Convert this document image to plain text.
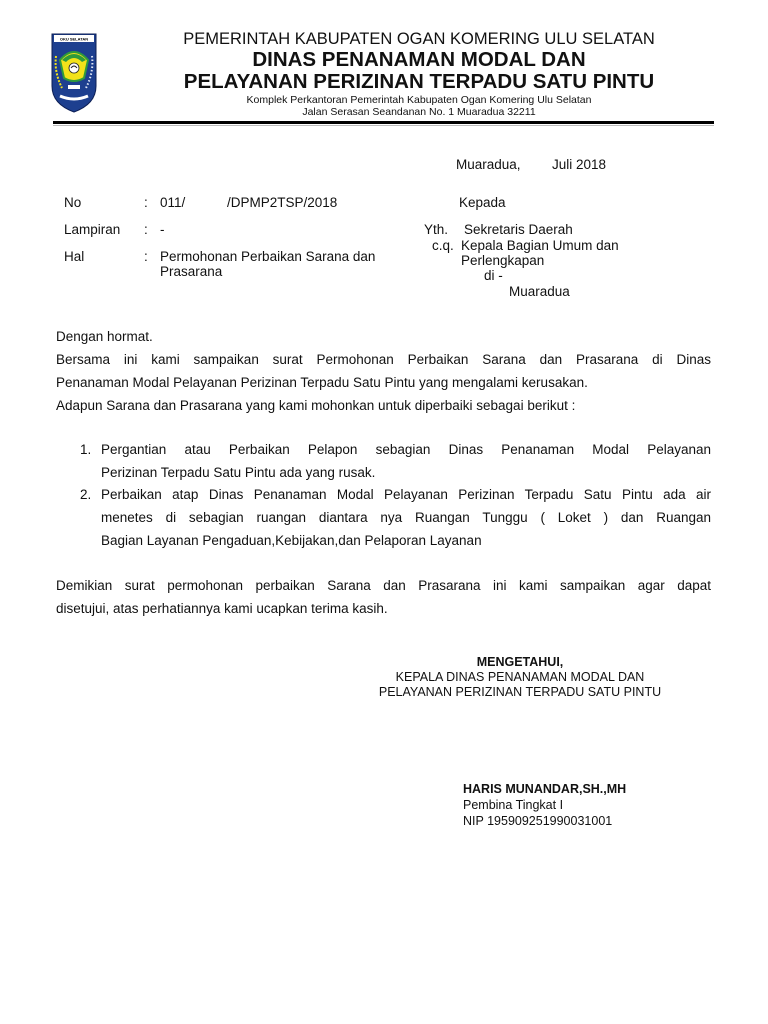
OKU SELATAN	PEMERINTAH KABUPATEN OGAN KOMERING ULU SELATAN
DINAS PENANAMAN MODAL DAN
PELAYANAN PERIZINAN TERPADU SATU PINTU
Komplek Perkantoran Pemerintah Kabupaten Ogan Komering Ulu Selatan
Jalan Serasan Seandanan No. 1 Muaradua 32211
Muaradua, Juli 2018
No	: 011/	/DPMP2TSP/2018
Lampiran : -
Hal	: Permohonan Perbaikan Sarana dan
Prasarana
Kepada
Yth. Sekretaris Daerah
c.q. Kepala Bagian Umum dan
Perlengkapan
di -
Muaradua
Dengan hormat.
Bersama ini kami sampaikan surat Permohonan Perbaikan Sarana dan Prasarana di Dinas
Penanaman Modal Pelayanan Perizinan Terpadu Satu Pintu yang mengalami kerusakan.
Adapun Sarana dan Prasarana yang kami mohonkan untuk diperbaiki sebagai berikut :
1. Pergantian atau Perbaikan Pelapon sebagian Dinas Penanaman Modal Pelayanan
Perizinan Terpadu Satu Pintu ada yang rusak.
2. Perbaikan atap Dinas Penanaman Modal Pelayanan Perizinan Terpadu Satu Pintu ada air
menetes di sebagian ruangan diantara nya Ruangan Tunggu ( Loket ) dan Ruangan
Bagian Layanan Pengaduan,Kebijakan,dan Pelaporan Layanan
Demikian surat permohonan perbaikan Sarana dan Prasarana ini kami sampaikan agar dapat
disetujui, atas perhatiannya kami ucapkan terima kasih.
MENGETAHUI,
KEPALA DINAS PENANAMAN MODAL DAN
PELAYANAN PERIZINAN TERPADU SATU PINTU
HARIS MUNANDAR,SH.,MH
Pembina Tingkat I
NIP 195909251990031001
